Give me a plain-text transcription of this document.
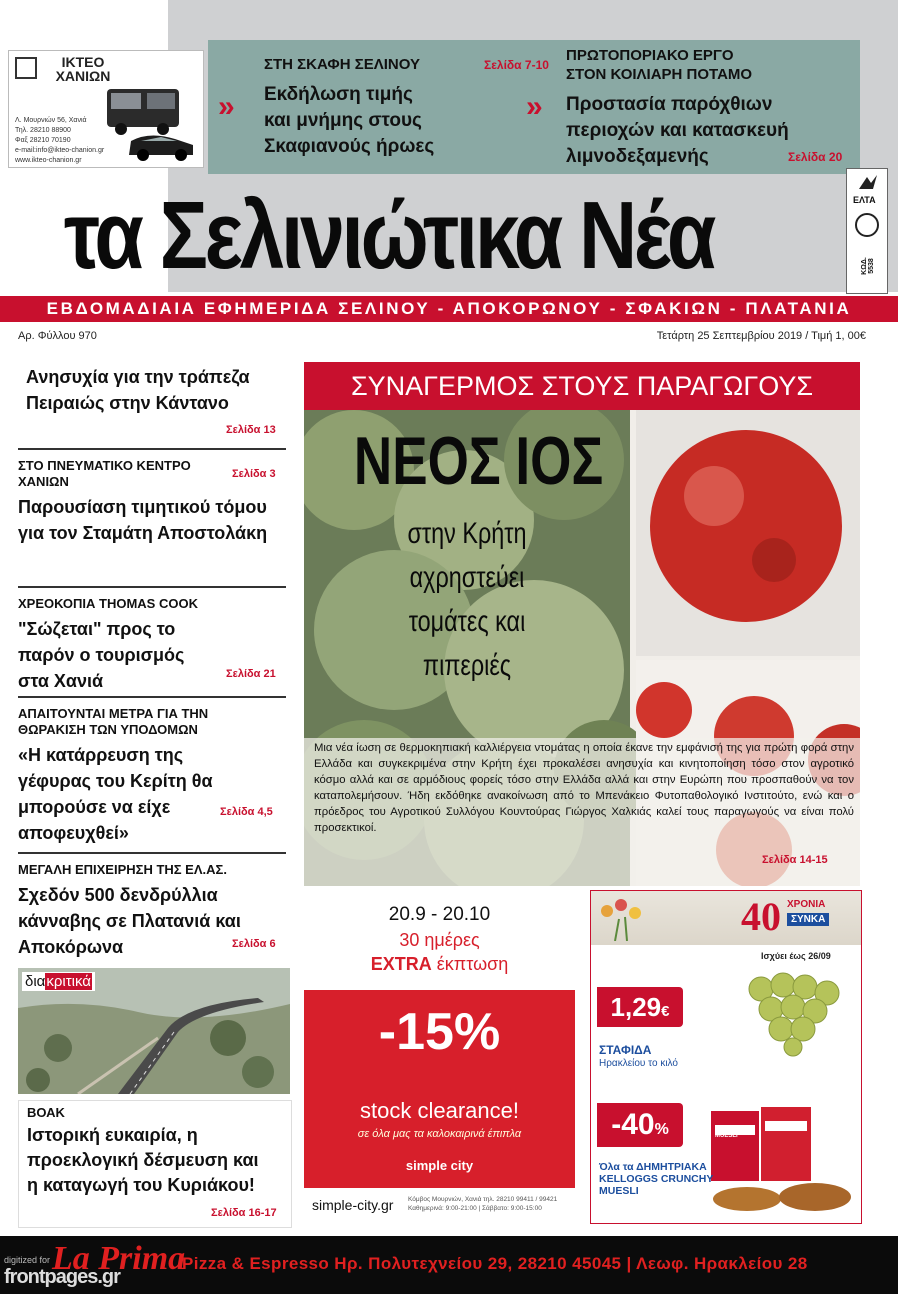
ΙΚΤΕΟ
ΧΑΝΙΩΝ
Λ. Μουρνιών 56, Χανιά
Τηλ. 28210 88900
Φαξ 28210 70190
e-mail:info@ikteo-chanion.gr
www.ikteo-chanion.gr
»
ΣΤΗ ΣΚΑΦΗ ΣΕΛΙΝΟΥ	Σελίδα 7-10
Εκδήλωση τιμής
και μνήμης στους
Σκαφιανούς ήρωες
»
ΠΡΩΤΟΠΟΡΙΑΚΟ ΕΡΓΟ
ΣΤΟΝ ΚΟΙΛΙΑΡΗ ΠΟΤΑΜΟ
Προστασία παρόχθιων
περιοχών και κατασκευή
λιμνοδεξαμενής	Σελίδα 20
τα Σελινιώτικα Νέα	ΕΛΤΑ
ΚΩΔ. 5538
ΕΒΔΟΜΑΔΙΑΙΑ ΕΦΗΜΕΡΙΔΑ ΣΕΛΙΝΟΥ - ΑΠΟΚΟΡΩΝΟΥ - ΣΦΑΚΙΩΝ - ΠΛΑΤΑΝΙΑ
Αρ. Φύλλου 970	Τετάρτη 25 Σεπτεμβρίου 2019 / Τιμή 1, 00€
Ανησυχία για την τράπεζα Πειραιώς στην Κάντανο
Σελίδα 13
ΣΤΟ ΠΝΕΥΜΑΤΙΚΟ ΚΕΝΤΡΟ ΧΑΝΙΩΝ	Σελίδα 3
Παρουσίαση τιμητικού τόμου για τον Σταμάτη Αποστολάκη
ΧΡΕΟΚΟΠΙΑ THOMAS COOK
"Σώζεται" προς το παρόν ο τουρισμός στα Χανιά	Σελίδα 21
ΑΠΑΙΤΟΥΝΤΑΙ ΜΕΤΡΑ ΓΙΑ ΤΗΝ ΘΩΡΑΚΙΣΗ ΤΩΝ ΥΠΟΔΟΜΩΝ
«Η κατάρρευση της γέφυρας του Κερίτη θα μπορούσε να είχε αποφευχθεί»
Σελίδα 4,5
ΜΕΓΑΛΗ ΕΠΙΧΕΙΡΗΣΗ ΤΗΣ ΕΛ.ΑΣ.
Σχεδόν 500 δενδρύλλια κάνναβης σε Πλατανιά και Αποκόρωνα	Σελίδα 6
διακριτικά
ΒΟΑΚ
Ιστορική ευκαιρία, η προεκλογική δέσμευση και η καταγωγή του Κυριάκου!
Σελίδα 16-17
ΣΥΝΑΓΕΡΜΟΣ ΣΤΟΥΣ ΠΑΡΑΓΩΓΟΥΣ
ΝΕΟΣ ΙΟΣ
στην Κρήτη
αχρηστεύει
τομάτες και
πιπεριές
Μια νέα ίωση σε θερμοκηπιακή καλλιέργεια ντομάτας η οποία έκανε την εμφάνισή της για πρώτη φορά στην Ελλάδα και συγκεκριμένα στην Κρήτη έχει προκαλέσει ανησυχία και κινητοποίηση τόσο στον αγροτικό κόσμο αλλά και σε αρμόδιους φορείς τόσο στην Ελλάδα αλλά και στην Ευρώπη που προσπαθούν να τον καταπολεμήσουν. Ήδη εκδόθηκε ανακοίνωση από το Μπενάκειο Φυτοπαθολογικό Ινστιτούτο, ενώ και ο πρόεδρος του Αγροτικού Συλλόγου Κουντούρας Γιώργος Χαλκιάς καλεί τους παραγωγούς να είναι πολύ προσεκτικοί.
Σελίδα 14-15
20.9 - 20.10
30 ημέρες
EXTRA έκπτωση
-15%
stock clearance!
σε όλα μας τα καλοκαιρινά έπιπλα
simple city
simple-city.gr Κόμβος Μουρνιών, Χανιά τηλ. 28210 99411 / 99421
Καθημερινά: 9:00-21:00 | Σάββατο: 9:00-15:00
40 ΧΡΟΝΙΑ
ΣΥΝΚΑ
Ισχύει έως 26/09
1,29€
ΣΤΑΦΙΔΑ
Ηρακλείου το κιλό
-40%	CRUNCHY MUESLI
Όλα τα ΔΗΜΗΤΡΙΑΚΑ KELLOGGS CRUNCHY MUESLI
La Prima
Pizza & Espresso Ηρ. Πολυτεχνείου 29, 28210 45045 | Λεωφ. Ηρακλείου 28
digitized for
frontpages.gr
